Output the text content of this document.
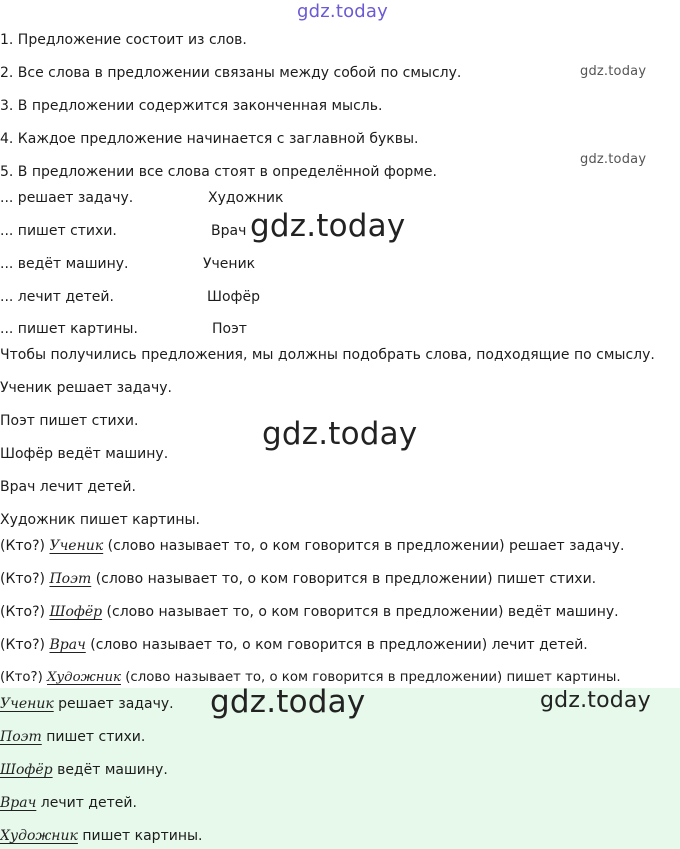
gdz.today
gdz.today
gdz.today
gdz.today
gdz.today
gdz.today	gdz.today
1. Предложение состоит из слов.
2. Все слова в предложении связаны между собой по смыслу.
3. В предложении содержится законченная мысль.
4. Каждое предложение начинается с заглавной буквы.
5. В предложении все слова стоят в определённой форме.
... решает задачу.	Художник
... пишет стихи.	Врач
... ведёт машину.	Ученик
... лечит детей.	Шофёр
... пишет картины.	Поэт
Чтобы получились предложения, мы должны подобрать слова, подходящие по смыслу.
Ученик решает задачу.
Поэт пишет стихи.
Шофёр ведёт машину.
Врач лечит детей.
Художник пишет картины.
(Кто?) Ученик (слово называет то, о ком говорится в предложении) решает задачу.
(Кто?) Поэт (слово называет то, о ком говорится в предложении) пишет стихи.
(Кто?) Шофёр (слово называет то, о ком говорится в предложении) ведёт машину.
(Кто?) Врач (слово называет то, о ком говорится в предложении) лечит детей.
(Кто?) Художник (слово называет то, о ком говорится в предложении) пишет картины.
Ученик решает задачу.
Поэт пишет стихи.
Шофёр ведёт машину.
Врач лечит детей.
Художник пишет картины.
